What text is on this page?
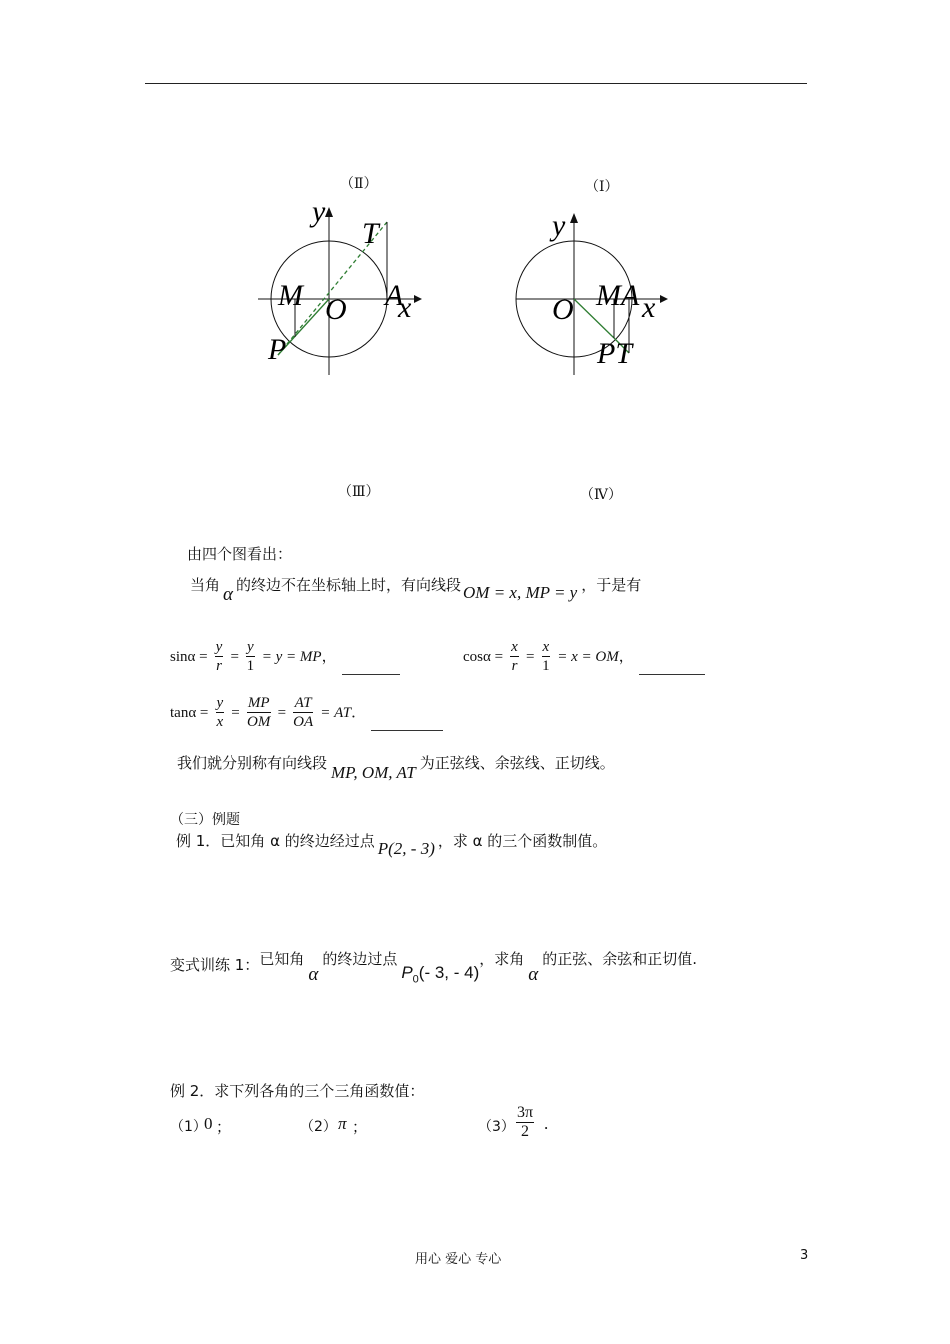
（Ⅱ）	（Ⅰ）
y
T
M	A
O x
P
y
MA
O x
PT
（Ⅲ）	（Ⅳ）
由四个图看出：
当角 α 的终边不在坐标轴上时，有向线段 OM = x, MP = y ，于是有
$\sin\alpha = \frac{y}{r} = \frac{y}{1} = y$ = MP，	$\cos\alpha = \frac{x}{r} = \frac{x}{1} = x$ = OM，
$\tan\alpha = \frac{y}{x} = \frac{MP}{OM} = \frac{AT}{OA}$ = AT．
我们就分别称有向线段 MP, OM, AT 为正弦线、余弦线、正切线。
（三）例题
例 1．已知角 α 的终边经过点 P(2, - 3) ，求 α 的三个函数制值。
变式训练 1：已知角α的终边过点$P_0(-$ 3, - 4)，求角α的正弦、余弦和正切值.
例 2．求下列各角的三个三角函数值：
（1）
0 ；	（2） π ；	$(3) \frac{3\pi}{2}$ .
用心 爱心 专心	3
